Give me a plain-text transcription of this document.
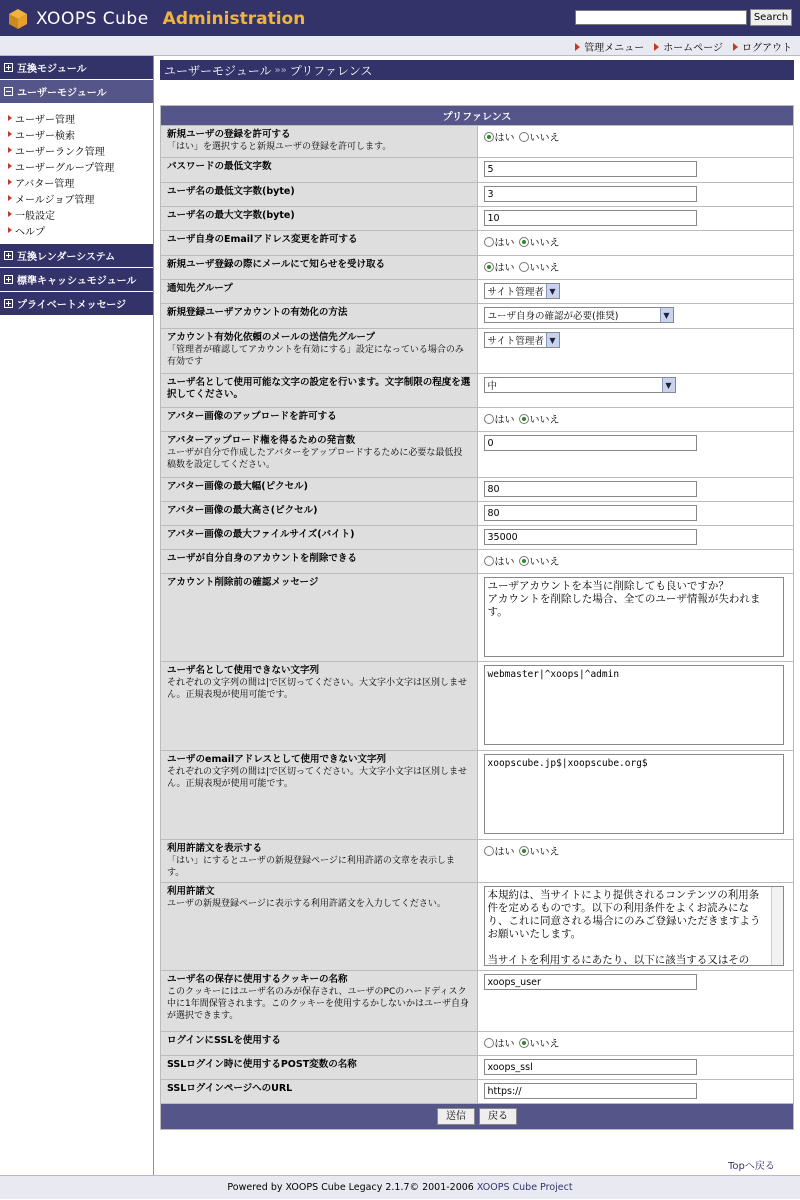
XOOPS Cube Administration	Search
管理メニュー ホームページ ログアウト
互換モジュール
ユーザーモジュール
ユーザー管理
ユーザー検索
ユーザーランク管理
ユーザーグループ管理
アバター管理
メールジョブ管理
一般設定
ヘルプ
互換レンダーシステム
標準キャッシュモジュール
プライベートメッセージ
ユーザーモジュール »» プリファレンス
プリファレンス	
新規ユーザの登録を許可する
「はい」を選択すると新規ユーザの登録を許可します。	はい いいえ

パスワードの最低文字数	5

ユーザ名の最低文字数(byte)	3

ユーザ名の最大文字数(byte)	10

ユーザ自身のEmailアドレス変更を許可する	はい いいえ

新規ユーザ登録の際にメールにて知らせを受け取る	はい いいえ

通知先グループ	サイト管理者 ▼

新規登録ユーザアカウントの有効化の方法	ユーザ自身の確認が必要(推奨) ▼

アカウント有効化依頼のメールの送信先グループ
「管理者が確認してアカウントを有効にする」設定になっている場合のみ有効です	サイト管理者 ▼

ユーザ名として使用可能な文字の設定を行います。文字制限の程度を選択してください。	中 ▼

アバター画像のアップロードを許可する	はい いいえ

アバターアップロード権を得るための発言数
ユーザが自分で作成したアバターをアップロードするために必要な最低投稿数を設定してください。	0

アバター画像の最大幅(ピクセル)	80

アバター画像の最大高さ(ピクセル)	80

アバター画像の最大ファイルサイズ(バイト)	35000

ユーザが自分自身のアカウントを削除できる	はい いいえ

アカウント削除前の確認メッセージ	ユーザアカウントを本当に削除しても良いですか？
アカウントを削除した場合、全てのユーザ情報が失われます。

ユーザ名として使用できない文字列
それぞれの文字列の間は|で区切ってください。大文字小文字は区別しません。正規表現が使用可能です。	webmaster|^xoops|^admin

ユーザのemailアドレスとして使用できない文字列
それぞれの文字列の間は|で区切ってください。大文字小文字は区別しません。正規表現が使用可能です。	xoopscube.jp$|xoopscube.org$

利用許諾文を表示する
「はい」にするとユーザの新規登録ページに利用許諾の文章を表示します。	はい いいえ

利用許諾文
ユーザの新規登録ページに表示する利用許諾文を入力してください。	本規約は、当サイトにより提供されるコンテンツの利用条件を定めるものです。以下の利用条件をよくお読みになり、これに同意される場合にのみご登録いただきますようお願いいたします。

当サイトを利用するにあたり、以下に該当する又はその

ユーザ名の保存に使用するクッキーの名称
このクッキーにはユーザ名のみが保存され、ユーザのPCのハードディスク中に1年間保管されます。このクッキーを使用するかしないかはユーザ自身が選択できます。	xoops_user

ログインにSSLを使用する	はい いいえ

SSLログイン時に使用するPOST変数の名称	xoops_ssl

SSLログインページへのURL	https://

送信 戻る	
Topへ戻る
Powered by XOOPS Cube Legacy 2.1.7© 2001-2006 XOOPS Cube Project
